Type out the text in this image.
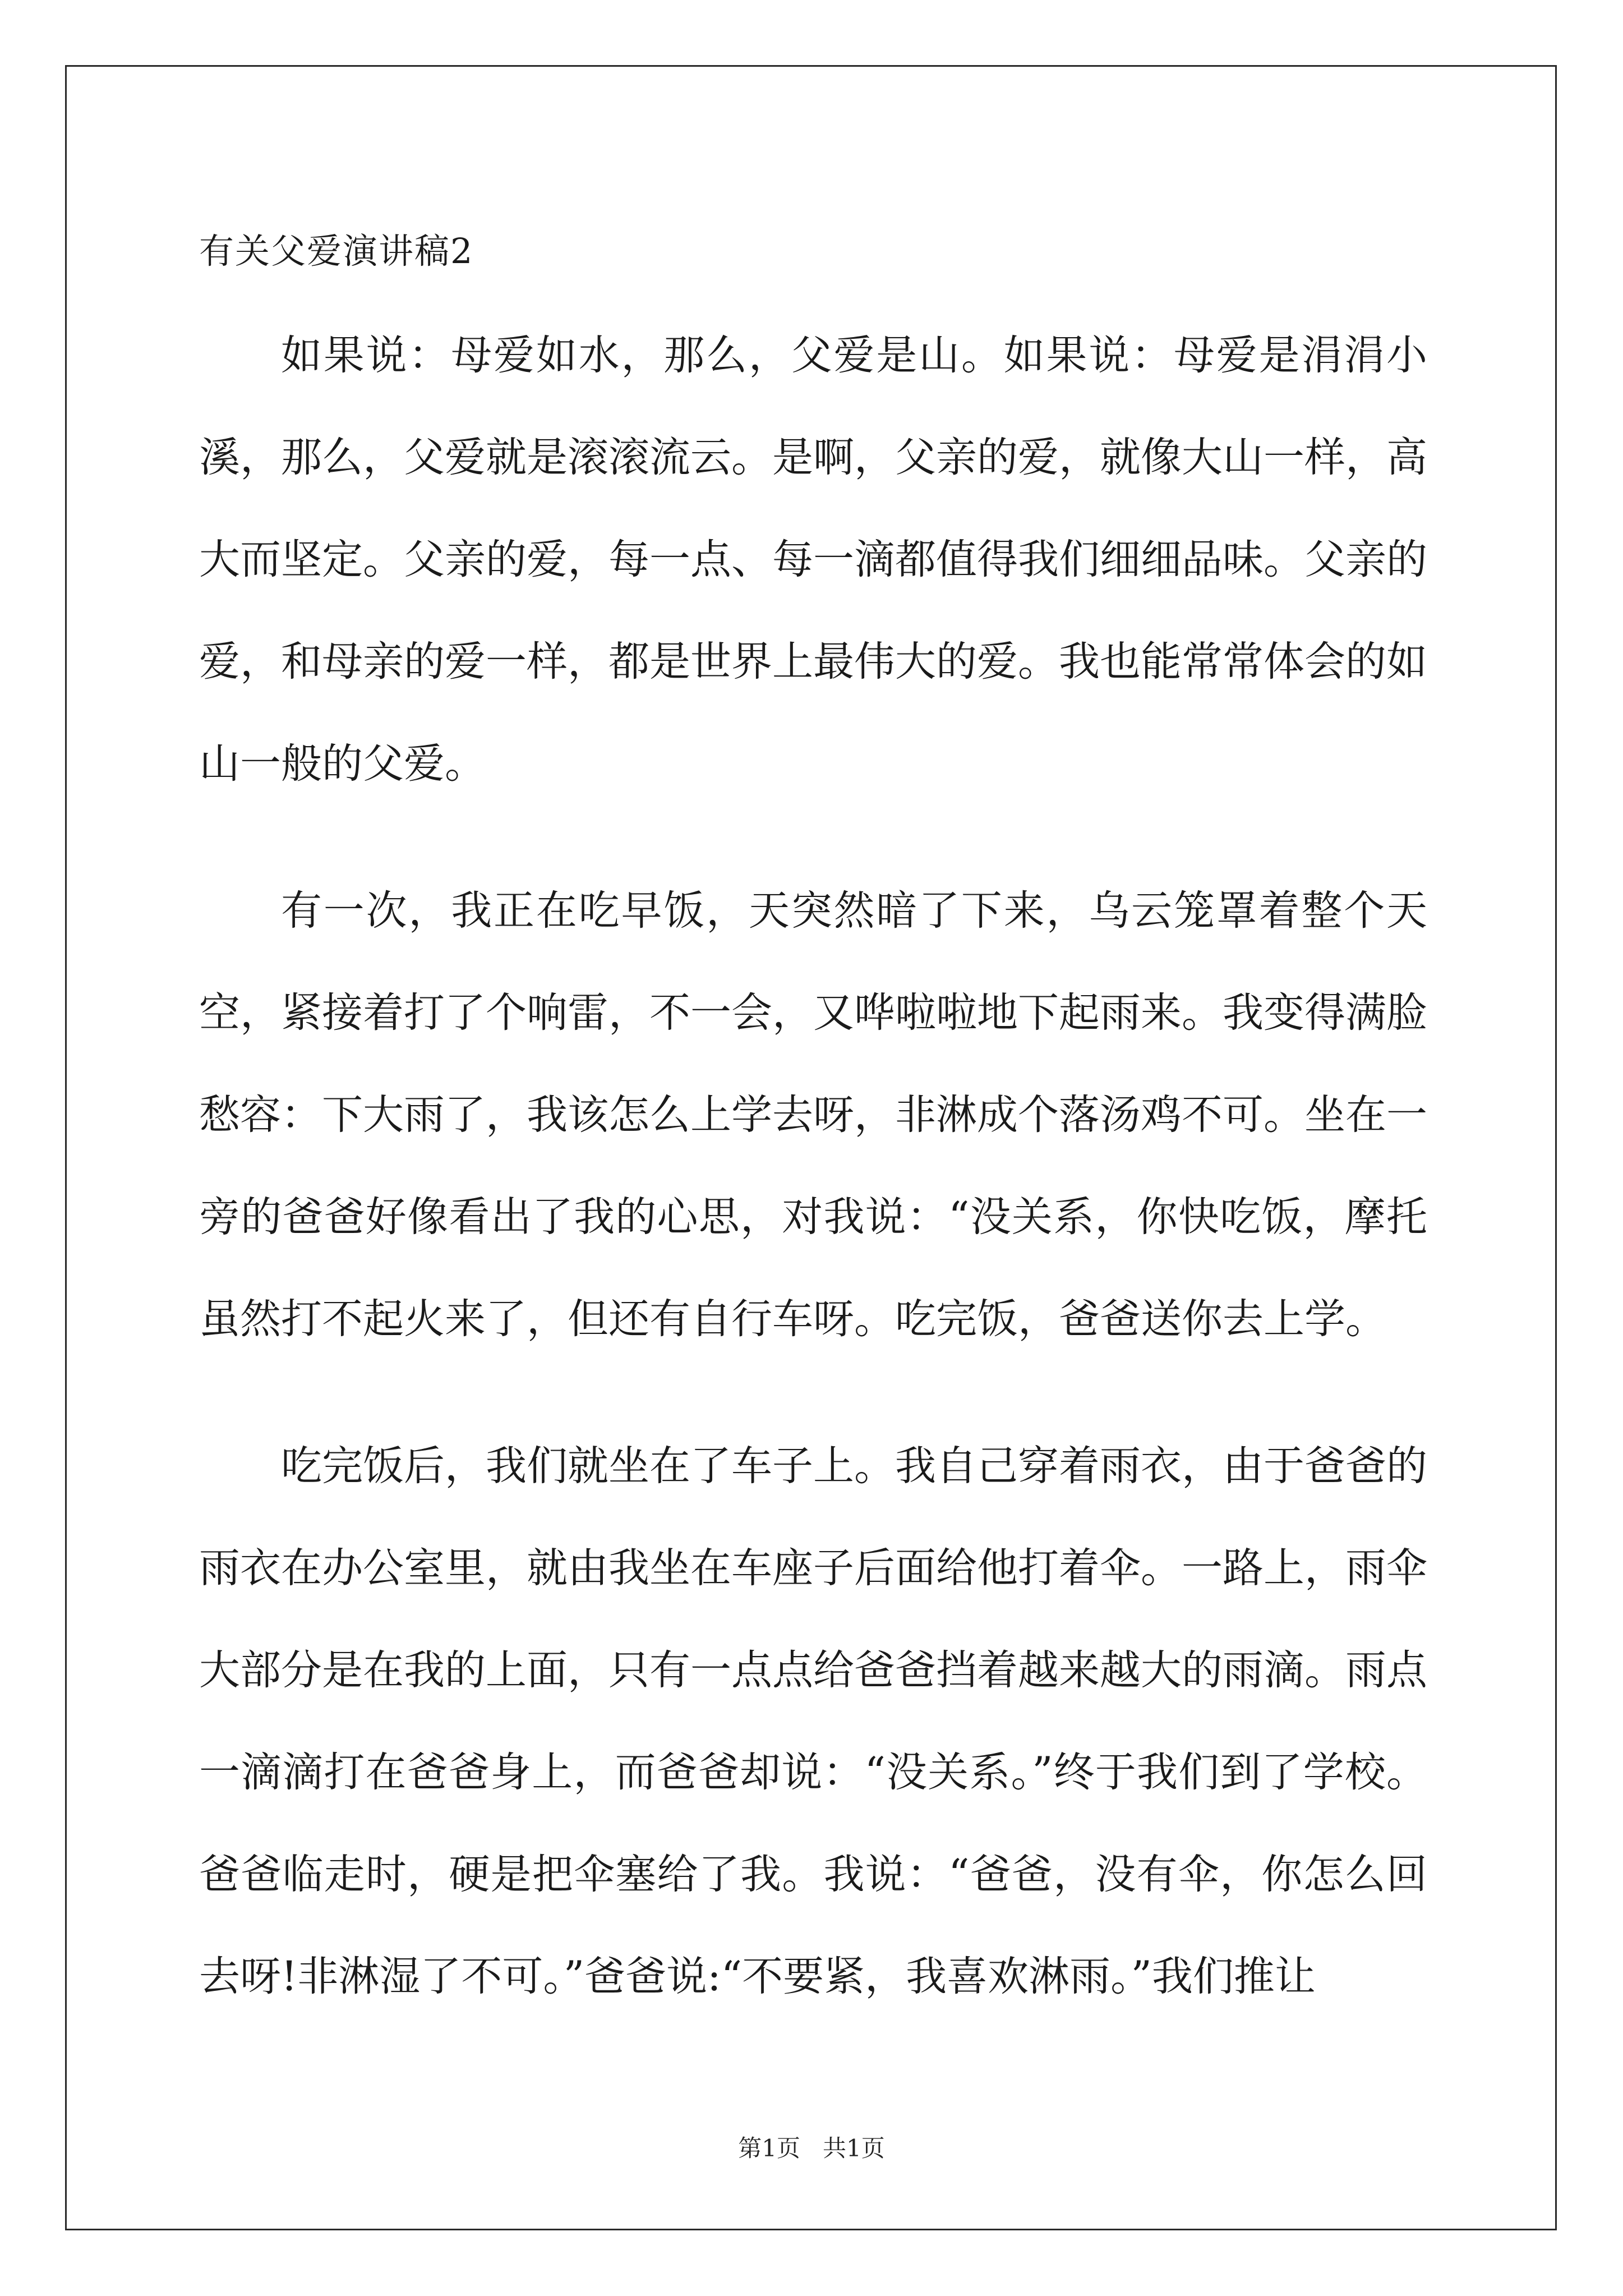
有关父爱演讲稿2

如果说：母爱如水，那么，父爱是山。如果说：母爱是涓涓小溪，那么，父爱就是滚滚流云。是啊，父亲的爱，就像大山一样，高大而坚定。父亲的爱，每一点、每一滴都值得我们细细品味。父亲的爱，和母亲的爱一样，都是世界上最伟大的爱。我也能常常体会的如山一般的父爱。

有一次，我正在吃早饭，天突然暗了下来，乌云笼罩着整个天空，紧接着打了个响雷，不一会，又哗啦啦地下起雨来。我变得满脸愁容：下大雨了，我该怎么上学去呀，非淋成个落汤鸡不可。坐在一旁的爸爸好像看出了我的心思，对我说：“没关系，你快吃饭，摩托虽然打不起火来了，但还有自行车呀。吃完饭，爸爸送你去上学。

吃完饭后，我们就坐在了车子上。我自己穿着雨衣，由于爸爸的雨衣在办公室里，就由我坐在车座子后面给他打着伞。一路上，雨伞大部分是在我的上面，只有一点点给爸爸挡着越来越大的雨滴。雨点一滴滴打在爸爸身上，而爸爸却说：“没关系。”终于我们到了学校。爸爸临走时，硬是把伞塞给了我。我说：“爸爸，没有伞，你怎么回去呀!非淋湿了不可。”爸爸说:“不要紧，我喜欢淋雨。”我们推让

第1页   共1页
